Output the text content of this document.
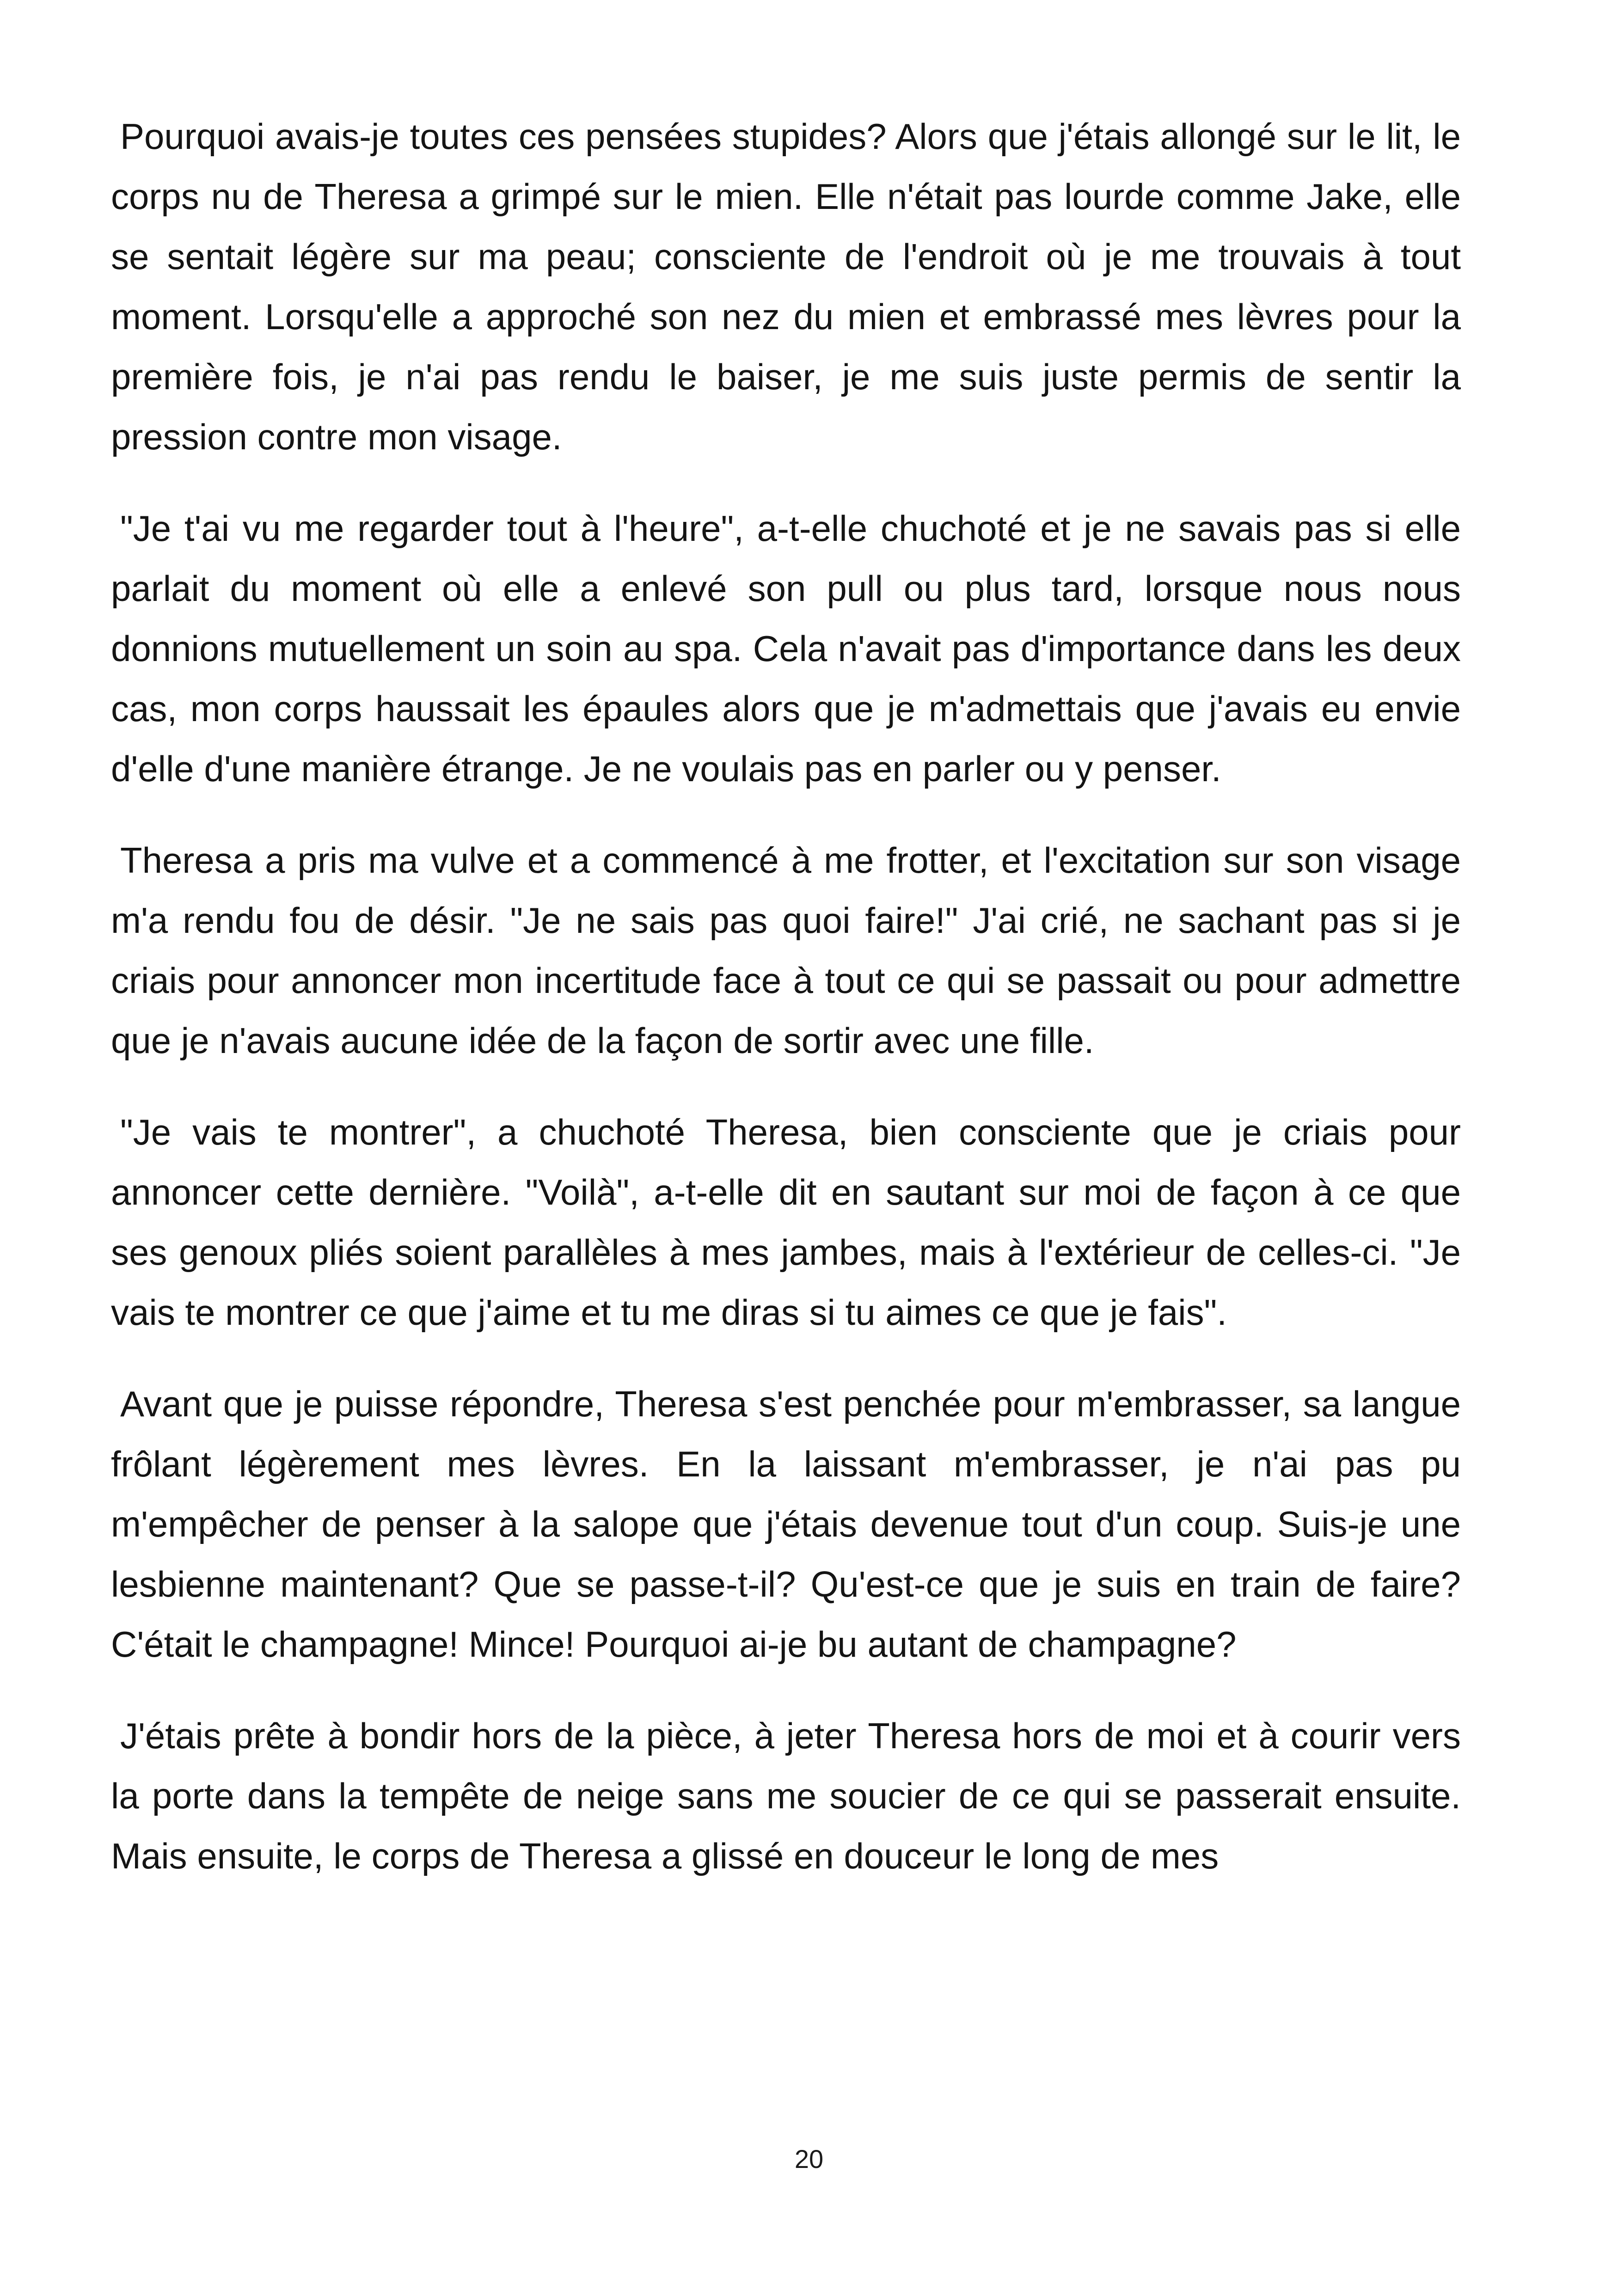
Pourquoi avais-je toutes ces pensées stupides? Alors que j'étais allongé sur le lit, le corps nu de Theresa a grimpé sur le mien. Elle n'était pas lourde comme Jake, elle se sentait légère sur ma peau; consciente de l'endroit où je me trouvais à tout moment. Lorsqu'elle a approché son nez du mien et embrassé mes lèvres pour la première fois, je n'ai pas rendu le baiser, je me suis juste permis de sentir la pression contre mon visage.

"Je t'ai vu me regarder tout à l'heure", a-t-elle chuchoté et je ne savais pas si elle parlait du moment où elle a enlevé son pull ou plus tard, lorsque nous nous donnions mutuellement un soin au spa. Cela n'avait pas d'importance dans les deux cas, mon corps haussait les épaules alors que je m'admettais que j'avais eu envie d'elle d'une manière étrange. Je ne voulais pas en parler ou y penser.

Theresa a pris ma vulve et a commencé à me frotter, et l'excitation sur son visage m'a rendu fou de désir. "Je ne sais pas quoi faire!" J'ai crié, ne sachant pas si je criais pour annoncer mon incertitude face à tout ce qui se passait ou pour admettre que je n'avais aucune idée de la façon de sortir avec une fille.

"Je vais te montrer", a chuchoté Theresa, bien consciente que je criais pour annoncer cette dernière. "Voilà", a-t-elle dit en sautant sur moi de façon à ce que ses genoux pliés soient parallèles à mes jambes, mais à l'extérieur de celles-ci. "Je vais te montrer ce que j'aime et tu me diras si tu aimes ce que je fais".

Avant que je puisse répondre, Theresa s'est penchée pour m'embrasser, sa langue frôlant légèrement mes lèvres. En la laissant m'embrasser, je n'ai pas pu m'empêcher de penser à la salope que j'étais devenue tout d'un coup. Suis-je une lesbienne maintenant? Que se passe-t-il? Qu'est-ce que je suis en train de faire? C'était le champagne! Mince! Pourquoi ai-je bu autant de champagne?

J'étais prête à bondir hors de la pièce, à jeter Theresa hors de moi et à courir vers la porte dans la tempête de neige sans me soucier de ce qui se passerait ensuite. Mais ensuite, le corps de Theresa a glissé en douceur le long de mes

20
